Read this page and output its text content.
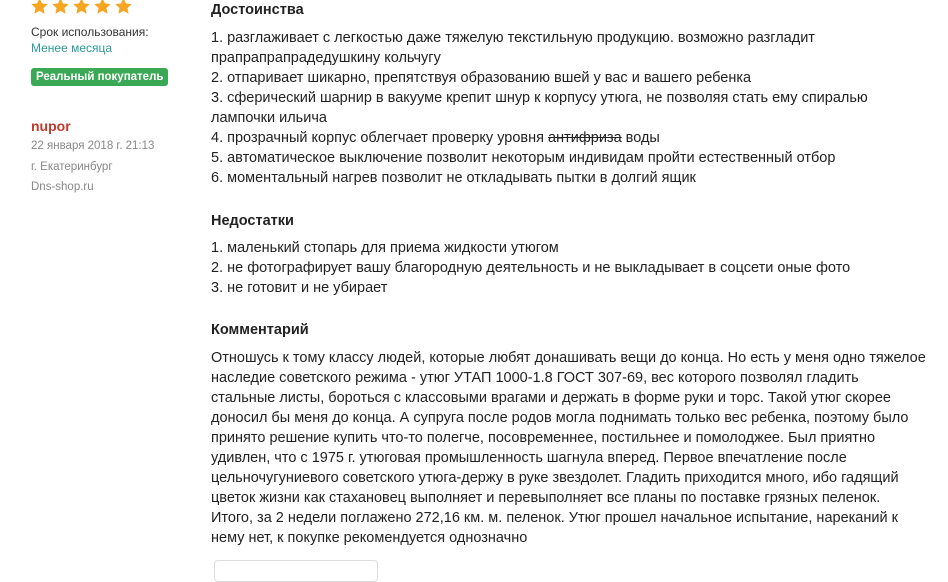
Срок использования:
Менее месяца
Реальный покупатель
nupor
22 января 2018 г. 21:13
г. Екатеринбург
Dns-shop.ru
Достоинства
1. разглаживает с легкостью даже тяжелую текстильную продукцию. возможно разгладит
прапрапрапрадедушкину кольчугу
2. отпаривает шикарно, препятствуя образованию вшей у вас и вашего ребенка
3. сферический шарнир в вакууме крепит шнур к корпусу утюга, не позволяя стать ему спиралью
лампочки ильича
4. прозрачный корпус облегчает проверку уровня антифриза воды
5. автоматическое выключение позволит некоторым индивидам пройти естественный отбор
6. моментальный нагрев позволит не откладывать пытки в долгий ящик
Недостатки
1. маленький стопарь для приема жидкости утюгом
2. не фотографирует вашу благородную деятельность и не выкладывает в соцсети оные фото
3. не готовит и не убирает
Комментарий
Отношусь к тому классу людей, которые любят донашивать вещи до конца. Но есть у меня одно тяжелое
наследие советского режима - утюг УТАП 1000-1.8 ГОСТ 307-69, вес которого позволял гладить
стальные листы, бороться с классовыми врагами и держать в форме руки и торс. Такой утюг скорее
доносил бы меня до конца. А супруга после родов могла поднимать только вес ребенка, поэтому было
принято решение купить что-то полегче, посовременнее, постильнее и помолоджее. Был приятно
удивлен, что с 1975 г. утюговая промышленность шагнула вперед. Первое впечатление после
цельночугуниевого советского утюга-держу в руке звездолет. Гладить приходится много, ибо гадящий
цветок жизни как стахановец выполняет и перевыполняет все планы по поставке грязных пеленок.
Итого, за 2 недели поглажено 272,16 км. м. пеленок. Утюг прошел начальное испытание, нареканий к
нему нет, к покупке рекомендуется однозначно
